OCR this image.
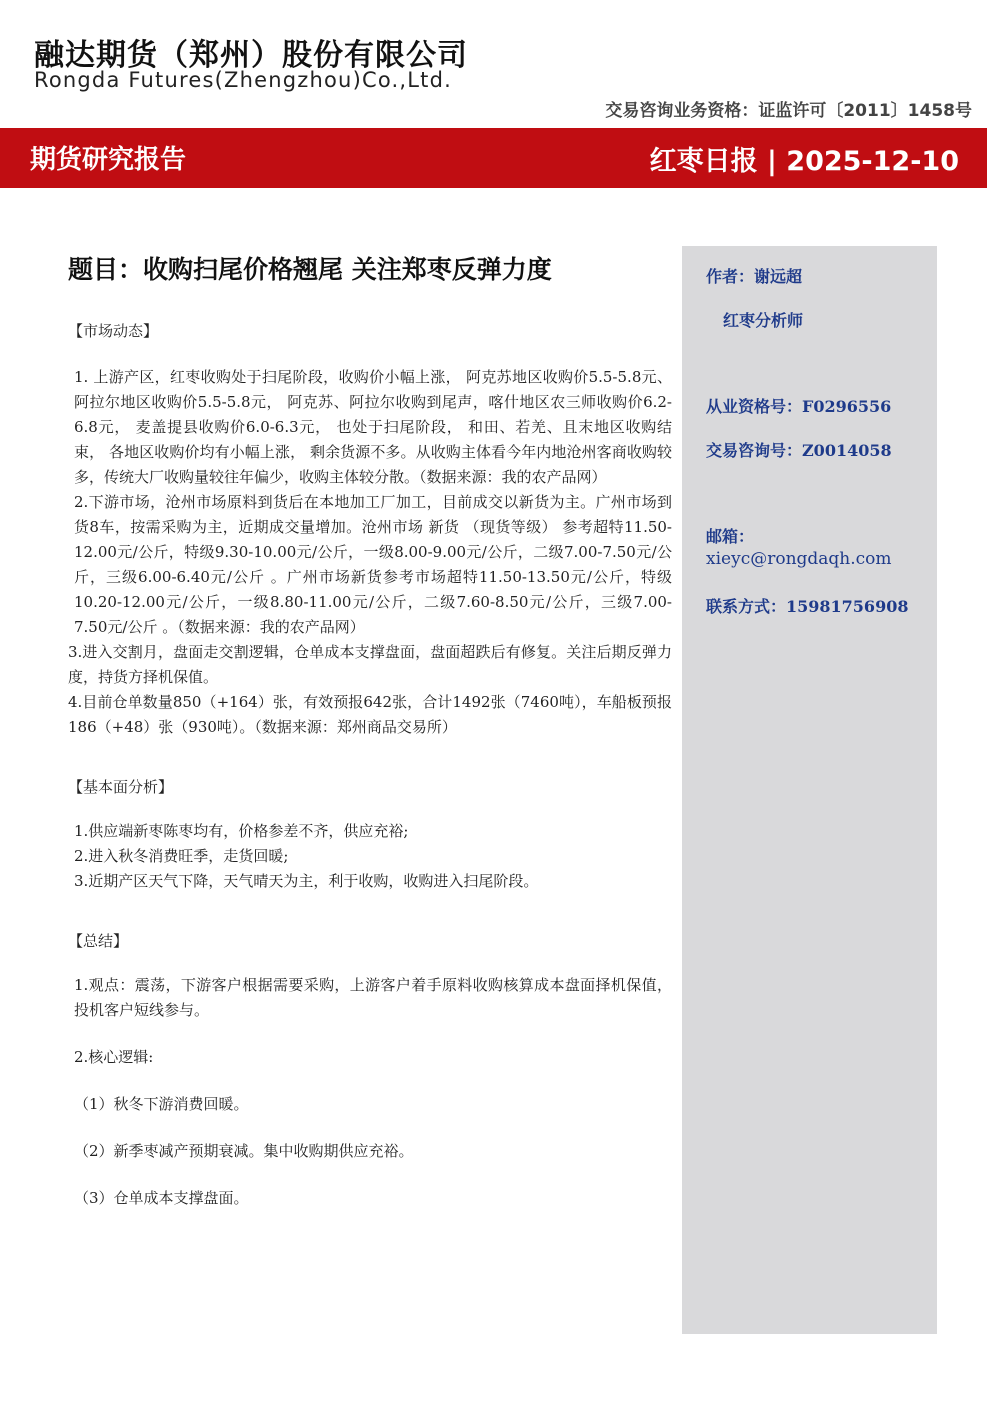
融达期货（郑州）股份有限公司
Rongda Futures(Zhengzhou)Co.,Ltd.
交易咨询业务资格：证监许可〔2011〕1458号
期货研究报告	红枣日报 | 2025-12-10
题目：收购扫尾价格翘尾 关注郑枣反弹力度
【市场动态】

1. 上游产区，红枣收购处于扫尾阶段，收购价小幅上涨， 阿克苏地区收购价5.5-5.8元、阿拉尔地区收购价5.5-5.8元， 阿克苏、阿拉尔收购到尾声，喀什地区农三师收购价6.2-6.8元， 麦盖提县收购价6.0-6.3元， 也处于扫尾阶段， 和田、若羌、且末地区收购结束， 各地区收购价均有小幅上涨， 剩余货源不多。从收购主体看今年内地沧州客商收购较多，传统大厂收购量较往年偏少，收购主体较分散。（数据来源：我的农产品网）

2.下游市场，沧州市场原料到货后在本地加工厂加工，目前成交以新货为主。广州市场到货8车，按需采购为主，近期成交量增加。沧州市场 新货 （现货等级） 参考超特11.50-12.00元/公斤，特级9.30-10.00元/公斤，一级8.00-9.00元/公斤，二级7.00-7.50元/公斤，三级6.00-6.40元/公斤 。广州市场新货参考市场超特11.50-13.50元/公斤，特级10.20-12.00元/公斤，一级8.80-11.00元/公斤，二级7.60-8.50元/公斤，三级7.00-7.50元/公斤 。（数据来源：我的农产品网）

3.进入交割月，盘面走交割逻辑，仓单成本支撑盘面，盘面超跌后有修复。关注后期反弹力度，持货方择机保值。

4.目前仓单数量850（+164）张，有效预报642张，合计1492张（7460吨），车船板预报186（+48）张（930吨）。（数据来源：郑州商品交易所）

【基本面分析】

1.供应端新枣陈枣均有，价格参差不齐，供应充裕;

2.进入秋冬消费旺季，走货回暖;

3.近期产区天气下降，天气晴天为主，利于收购，收购进入扫尾阶段。

【总结】

1.观点：震荡，下游客户根据需要采购，上游客户着手原料收购核算成本盘面择机保值，投机客户短线参与。

2.核心逻辑:

（1）秋冬下游消费回暖。

（2）新季枣减产预期衰减。集中收购期供应充裕。

（3）仓单成本支撑盘面。

作者：谢远超
红枣分析师
从业资格号：F0296556
交易咨询号：Z0014058
邮箱：
xieyc@rongdaqh.com
联系方式：15981756908
